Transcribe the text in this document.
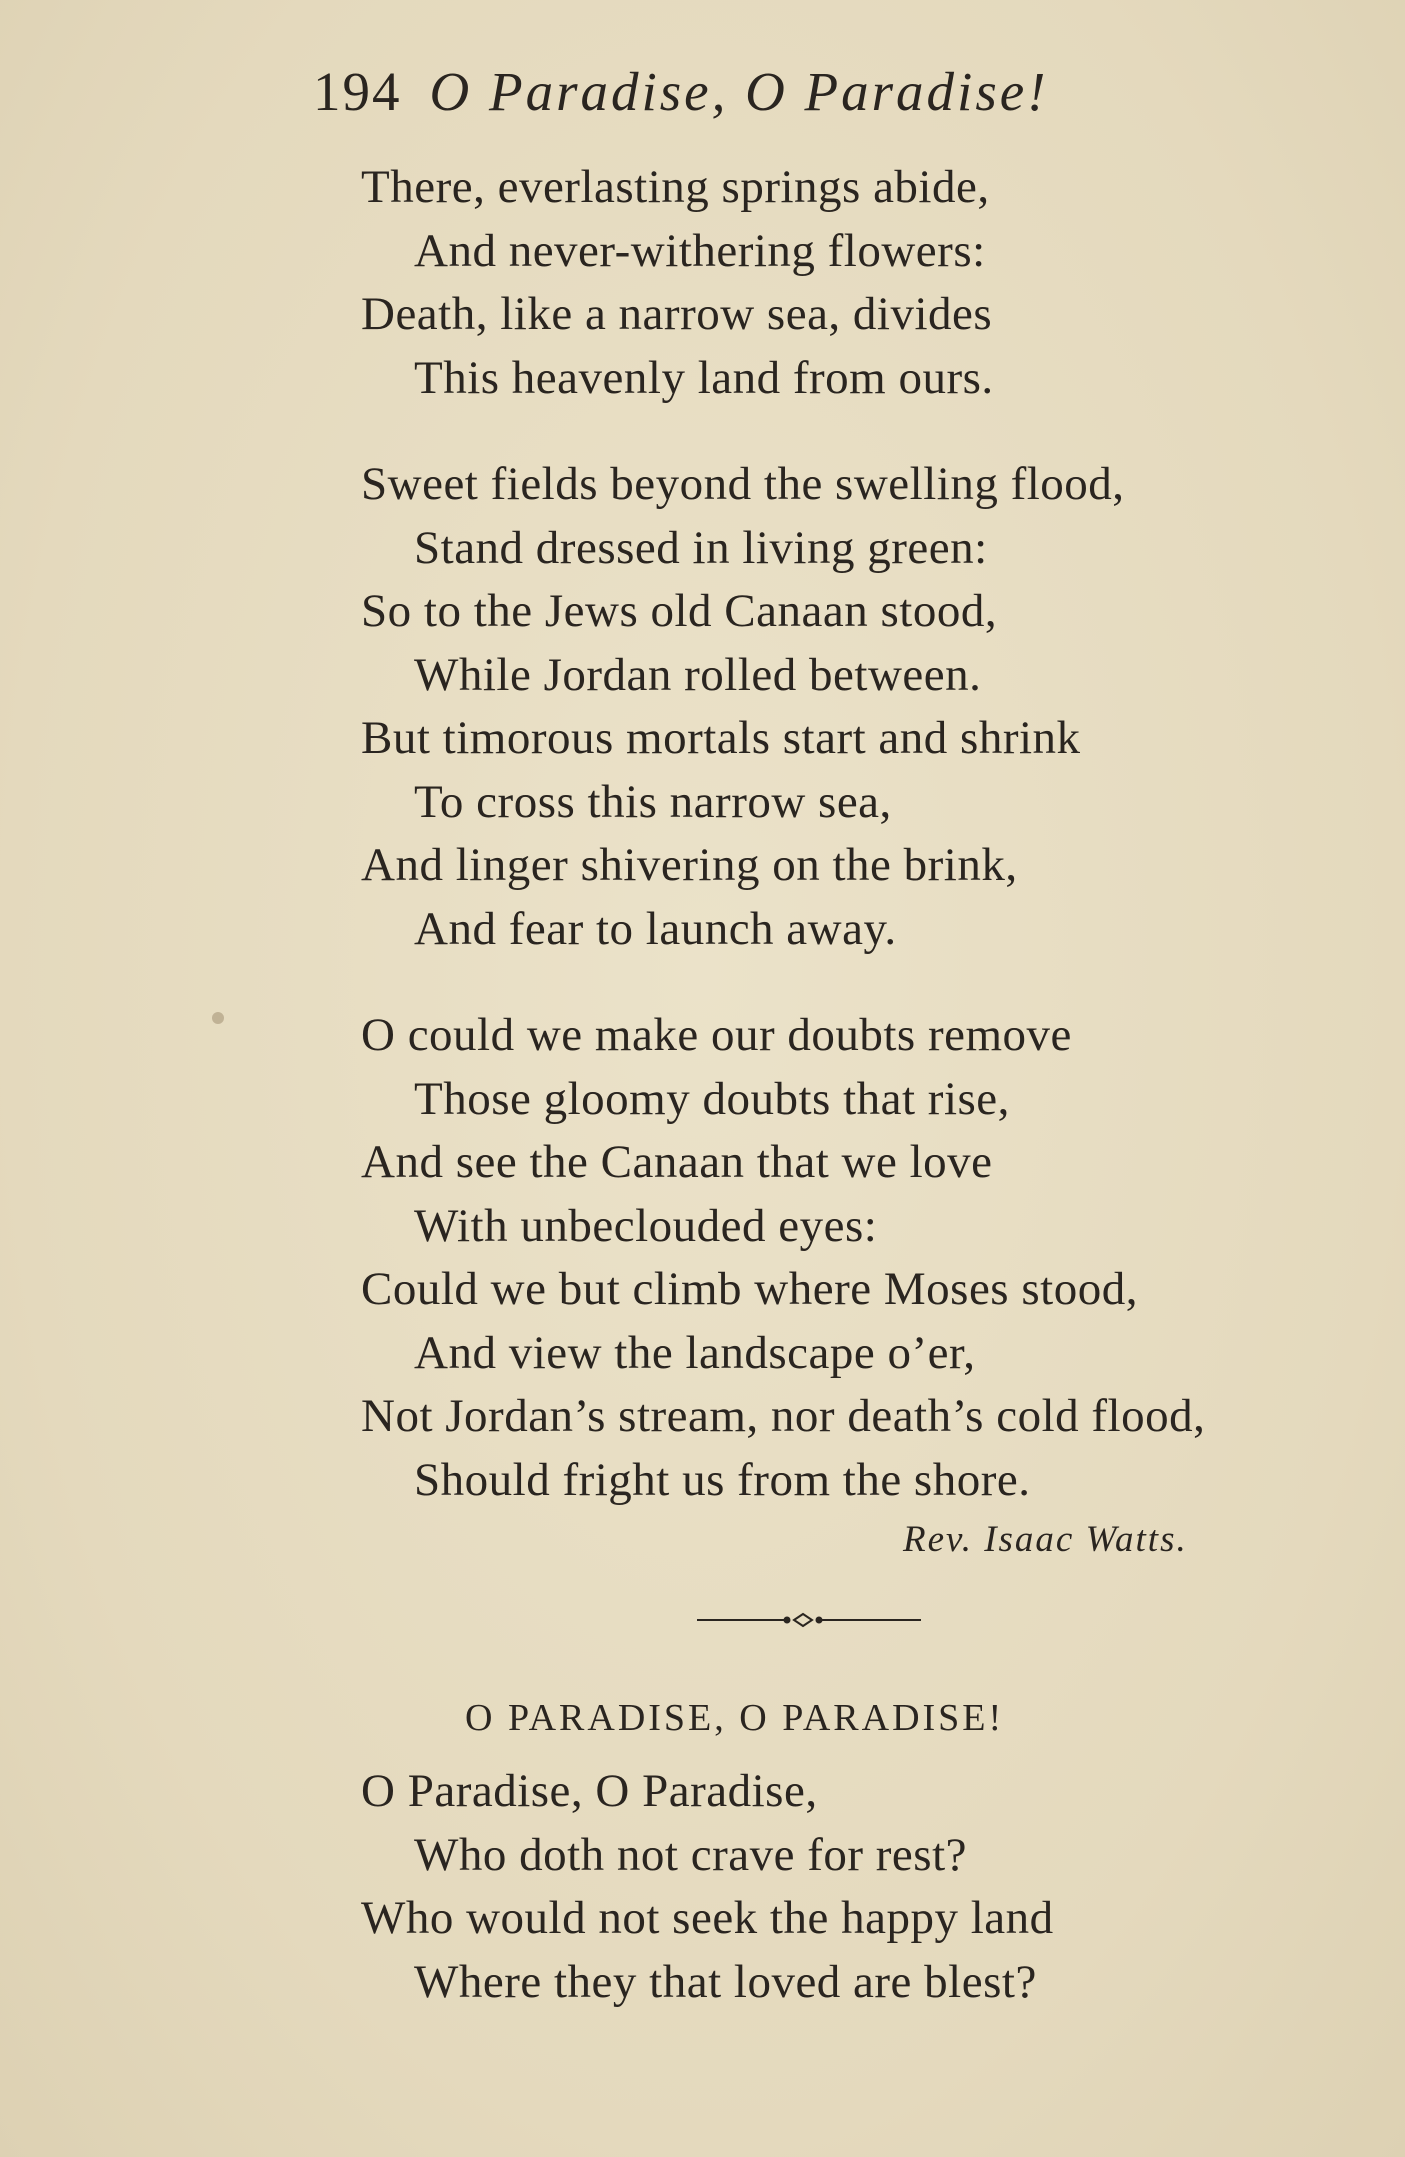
194 O Paradise, O Paradise!
There, everlasting springs abide,
And never-withering flowers:
Death, like a narrow sea, divides
This heavenly land from ours.
Sweet fields beyond the swelling flood,
Stand dressed in living green:
So to the Jews old Canaan stood,
While Jordan rolled between.
But timorous mortals start and shrink
To cross this narrow sea,
And linger shivering on the brink,
And fear to launch away.
O could we make our doubts remove
Those gloomy doubts that rise,
And see the Canaan that we love
With unbeclouded eyes:
Could we but climb where Moses stood,
And view the landscape o’er,
Not Jordan’s stream, nor death’s cold flood,
Should fright us from the shore.
Rev. Isaac Watts.
O PARADISE, O PARADISE!
O Paradise, O Paradise,
Who doth not crave for rest?
Who would not seek the happy land
Where they that loved are blest?
